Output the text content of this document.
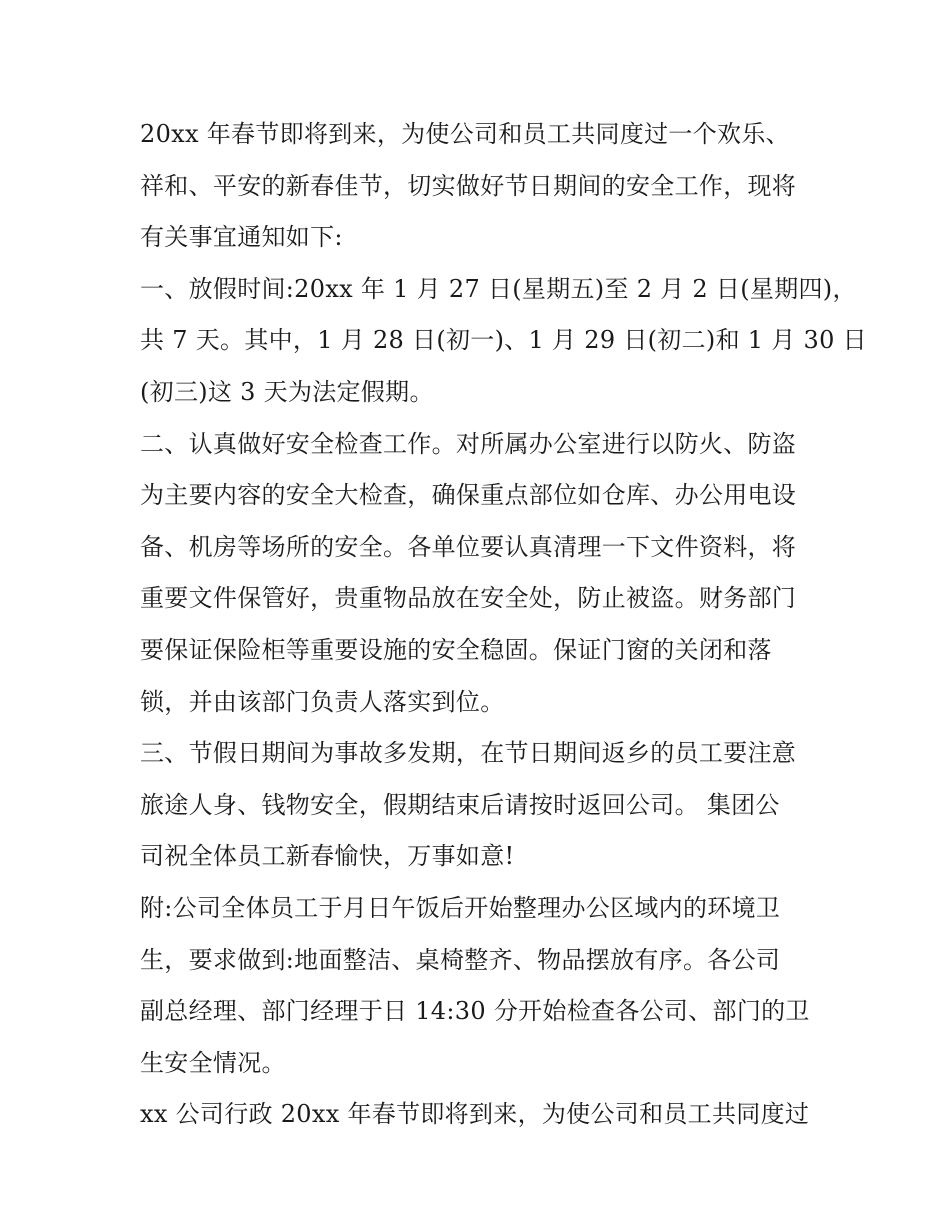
20xx 年春节即将到来，为使公司和员工共同度过一个欢乐、
祥和、平安的新春佳节，切实做好节日期间的安全工作，现将
有关事宜通知如下:
一、放假时间:20xx 年 1 月 27 日(星期五)至 2 月 2 日(星期四)，
共 7 天。其中，1 月 28 日(初一)、1 月 29 日(初二)和 1 月 30 日
(初三)这 3 天为法定假期。
二、认真做好安全检查工作。对所属办公室进行以防火、防盗
为主要内容的安全大检查，确保重点部位如仓库、办公用电设
备、机房等场所的安全。各单位要认真清理一下文件资料，将
重要文件保管好，贵重物品放在安全处，防止被盗。财务部门
要保证保险柜等重要设施的安全稳固。保证门窗的关闭和落
锁，并由该部门负责人落实到位。
三、节假日期间为事故多发期，在节日期间返乡的员工要注意
旅途人身、钱物安全，假期结束后请按时返回公司。 集团公
司祝全体员工新春愉快，万事如意!
附:公司全体员工于月日午饭后开始整理办公区域内的环境卫
生，要求做到:地面整洁、桌椅整齐、物品摆放有序。各公司
副总经理、部门经理于日 14:30 分开始检查各公司、部门的卫
生安全情况。
xx 公司行政 20xx 年春节即将到来，为使公司和员工共同度过
